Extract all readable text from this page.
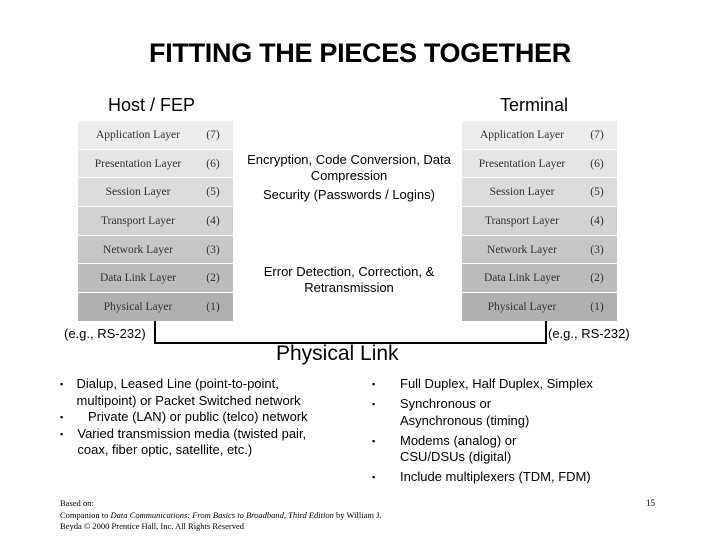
FITTING THE PIECES TOGETHER
Host / FEP	Terminal
Application Layer	(7)
Presentation Layer	(6)
Session Layer	(5)
Transport Layer	(4)
Network Layer	(3)
Data Link Layer	(2)
Physical Layer	(1)
Application Layer	(7)
Presentation Layer	(6)
Session Layer	(5)
Transport Layer	(4)
Network Layer	(3)
Data Link Layer	(2)
Physical Layer	(1)
Encryption, Code Conversion, Data Compression
Security (Passwords / Logins)
Error Detection, Correction, & Retransmission
(e.g., RS-232)	(e.g., RS-232)
Physical Link
▪	Dialup, Leased Line (point-to-point, multipoint) or Packet Switched network
▪	Private (LAN) or public (telco) network
▪	Varied transmission media (twisted pair, coax, fiber optic, satellite, etc.)
▪	Full Duplex, Half Duplex, Simplex
▪	Synchronous or Asynchronous (timing)
▪	Modems (analog) or CSU/DSUs (digital)
▪	Include multiplexers (TDM, FDM)
Based on:
Companion to Data Communications: From Basics to Broadband, Third Edition by William J.
Beyda © 2000 Prentice Hall, Inc. All Rights Reserved
15
